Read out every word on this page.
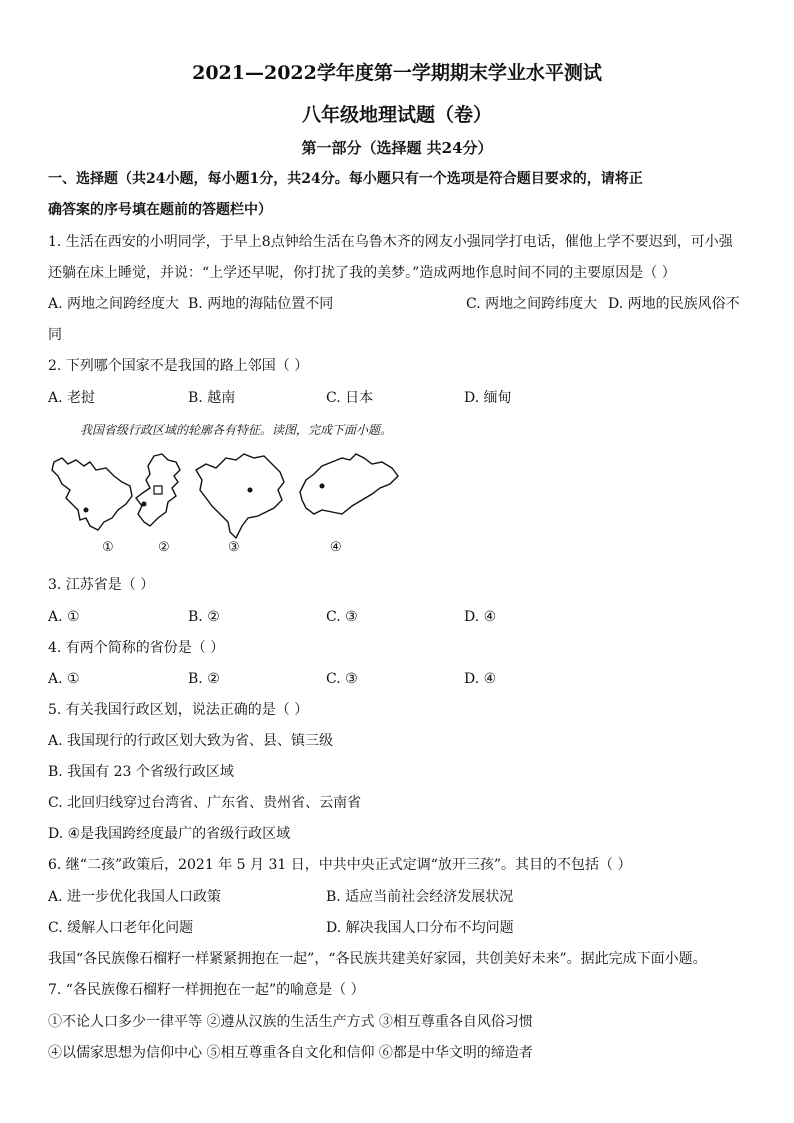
2021—2022学年度第一学期期末学业水平测试
八年级地理试题（卷）
第一部分（选择题 共24分）
一、选择题（共24小题，每小题1分，共24分。每小题只有一个选项是符合题目要求的，请将正
确答案的序号填在题前的答题栏中）
1. 生活在西安的小明同学，于早上8点钟给生活在乌鲁木齐的网友小强同学打电话，催他上学不要迟到，可小强
还躺在床上睡觉，并说：“上学还早呢，你打扰了我的美梦。”造成两地作息时间不同的主要原因是（ ）
A. 两地之间跨经度大 B. 两地的海陆位置不同	C. 两地之间跨纬度大 D. 两地的民族风俗不
同
2. 下列哪个国家不是我国的路上邻国（ ）
A. 老挝	B. 越南	C. 日本	D. 缅甸
我国省级行政区域的轮廓各有特征。读图，完成下面小题。
①	②	③	④
3. 江苏省是（ ）
A. ①	B. ②	C. ③	D. ④
4. 有两个简称的省份是（ ）
A. ①	B. ②	C. ③	D. ④
5. 有关我国行政区划，说法正确的是（ ）
A. 我国现行的行政区划大致为省、县、镇三级
B. 我国有 23 个省级行政区域
C. 北回归线穿过台湾省、广东省、贵州省、云南省
D. ④是我国跨经度最广的省级行政区域
6. 继“二孩”政策后，2021 年 5 月 31 日，中共中央正式定调“放开三孩”。其目的不包括（ ）
A. 进一步优化我国人口政策	B. 适应当前社会经济发展状况
C. 缓解人口老年化问题	D. 解决我国人口分布不均问题
我国“各民族像石榴籽一样紧紧拥抱在一起”，“各民族共建美好家园，共创美好未来”。据此完成下面小题。
7. “各民族像石榴籽一样拥抱在一起”的喻意是（ ）
①不论人口多少一律平等 ②遵从汉族的生活生产方式 ③相互尊重各自风俗习惯
④以儒家思想为信仰中心 ⑤相互尊重各自文化和信仰 ⑥都是中华文明的缔造者
